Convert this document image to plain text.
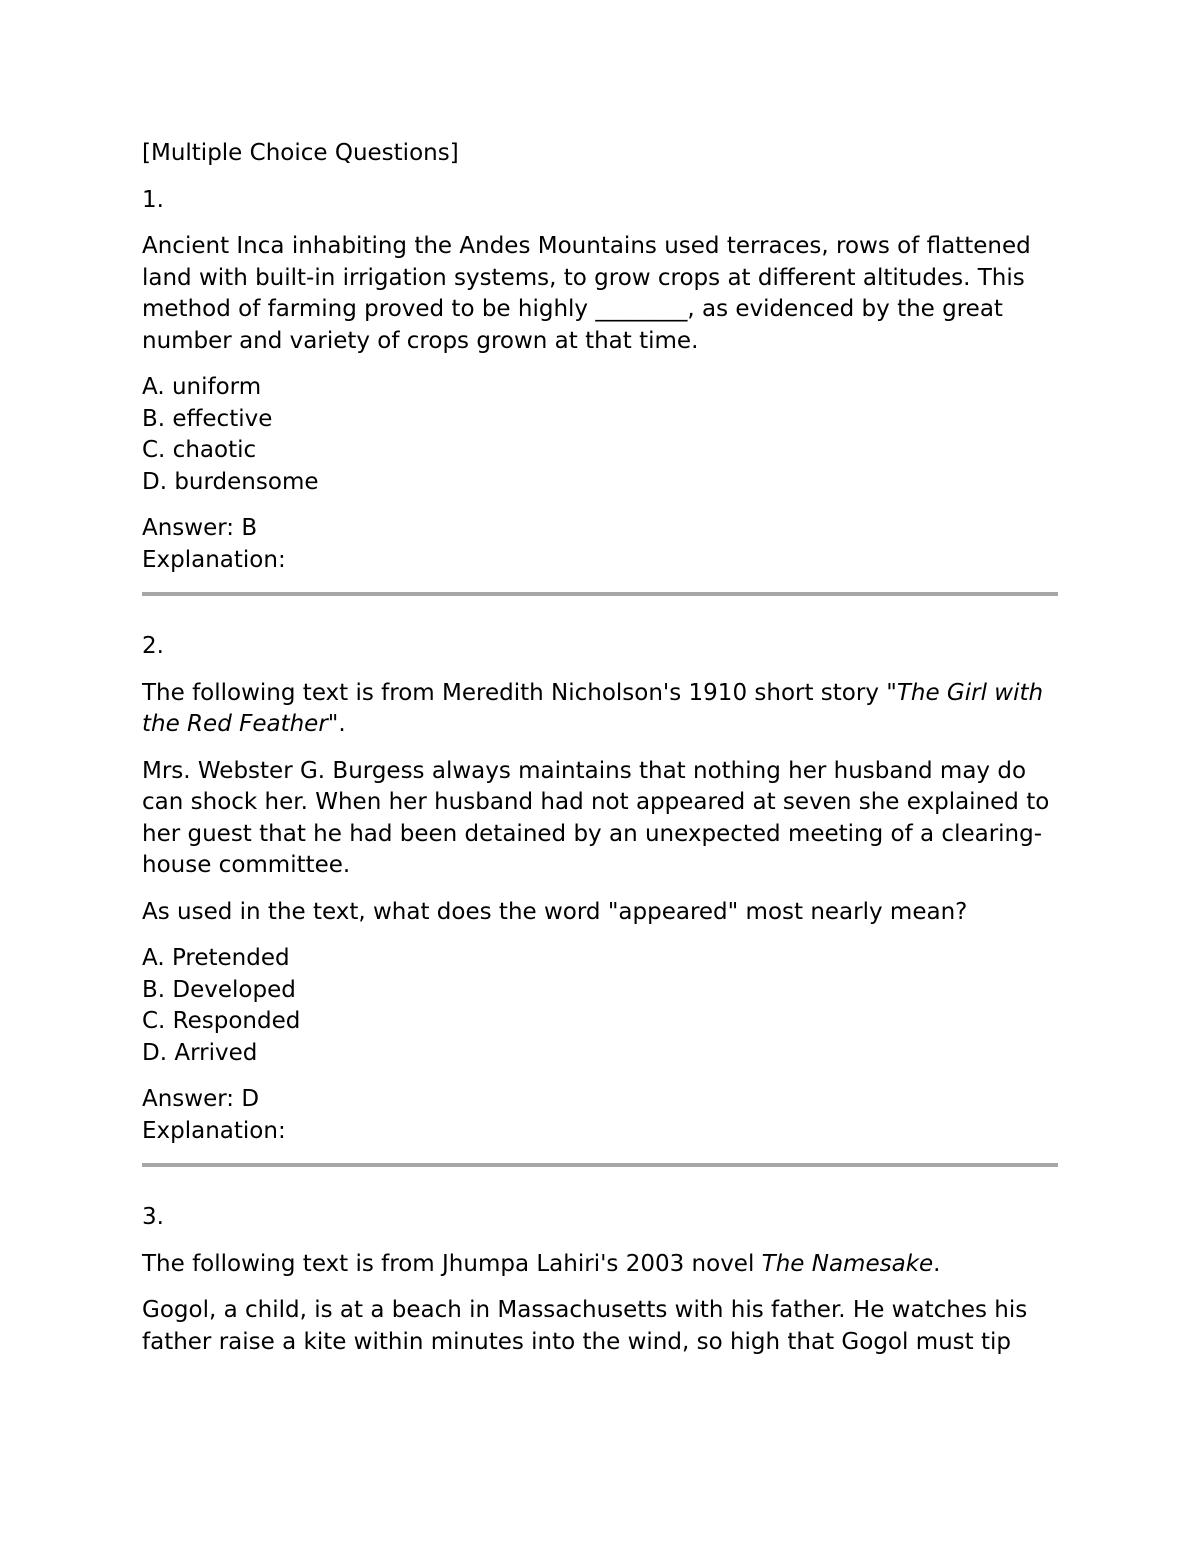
[Multiple Choice Questions]
1.

Ancient Inca inhabiting the Andes Mountains used terraces, rows of flattened land with built-in irrigation systems, to grow crops at different altitudes. This method of farming proved to be highly ________, as evidenced by the great number and variety of crops grown at that time.

A. uniform
B. effective
C. chaotic
D. burdensome
Answer: B
Explanation:
2.

The following text is from Meredith Nicholson's 1910 short story "The Girl with the Red Feather".

Mrs. Webster G. Burgess always maintains that nothing her husband may do can shock her. When her husband had not appeared at seven she explained to her guest that he had been detained by an unexpected meeting of a clearing-house committee.

As used in the text, what does the word "appeared" most nearly mean?

A. Pretended
B. Developed
C. Responded
D. Arrived
Answer: D
Explanation:
3.

The following text is from Jhumpa Lahiri's 2003 novel The Namesake.

Gogol, a child, is at a beach in Massachusetts with his father. He watches his father raise a kite within minutes into the wind, so high that Gogol must tip
